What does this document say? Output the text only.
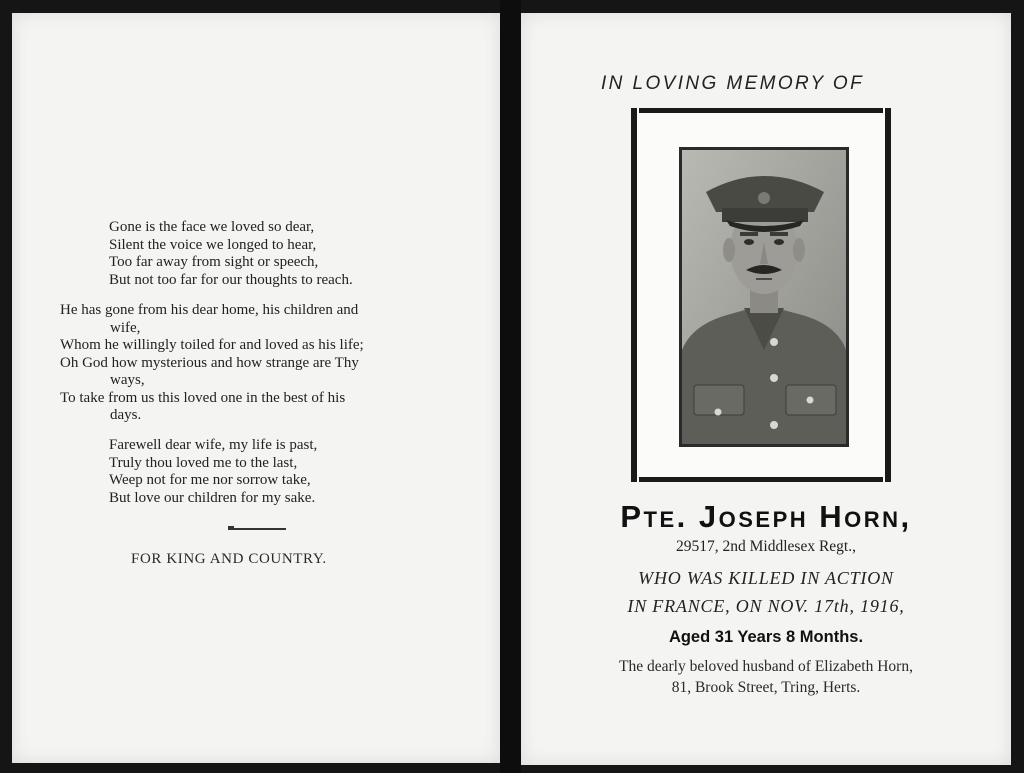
Gone is the face we loved so dear,
Silent the voice we longed to hear,
Too far away from sight or speech,
But not too far for our thoughts to reach.
He has gone from his dear home, his children and
wife,
Whom he willingly toiled for and loved as his life;
Oh God how mysterious and how strange are Thy
ways,
To take from us this loved one in the best of his
days.
Farewell dear wife, my life is past,
Truly thou loved me to the last,
Weep not for me nor sorrow take,
But love our children for my sake.
FOR KING AND COUNTRY.
IN LOVING MEMORY OF
Pte. Joseph Horn,
29517, 2nd Middlesex Regt.,
WHO WAS KILLED IN ACTION
IN FRANCE, ON NOV. 17th, 1916,
Aged 31 Years 8 Months.
The dearly beloved husband of Elizabeth Horn,
81, Brook Street, Tring, Herts.
